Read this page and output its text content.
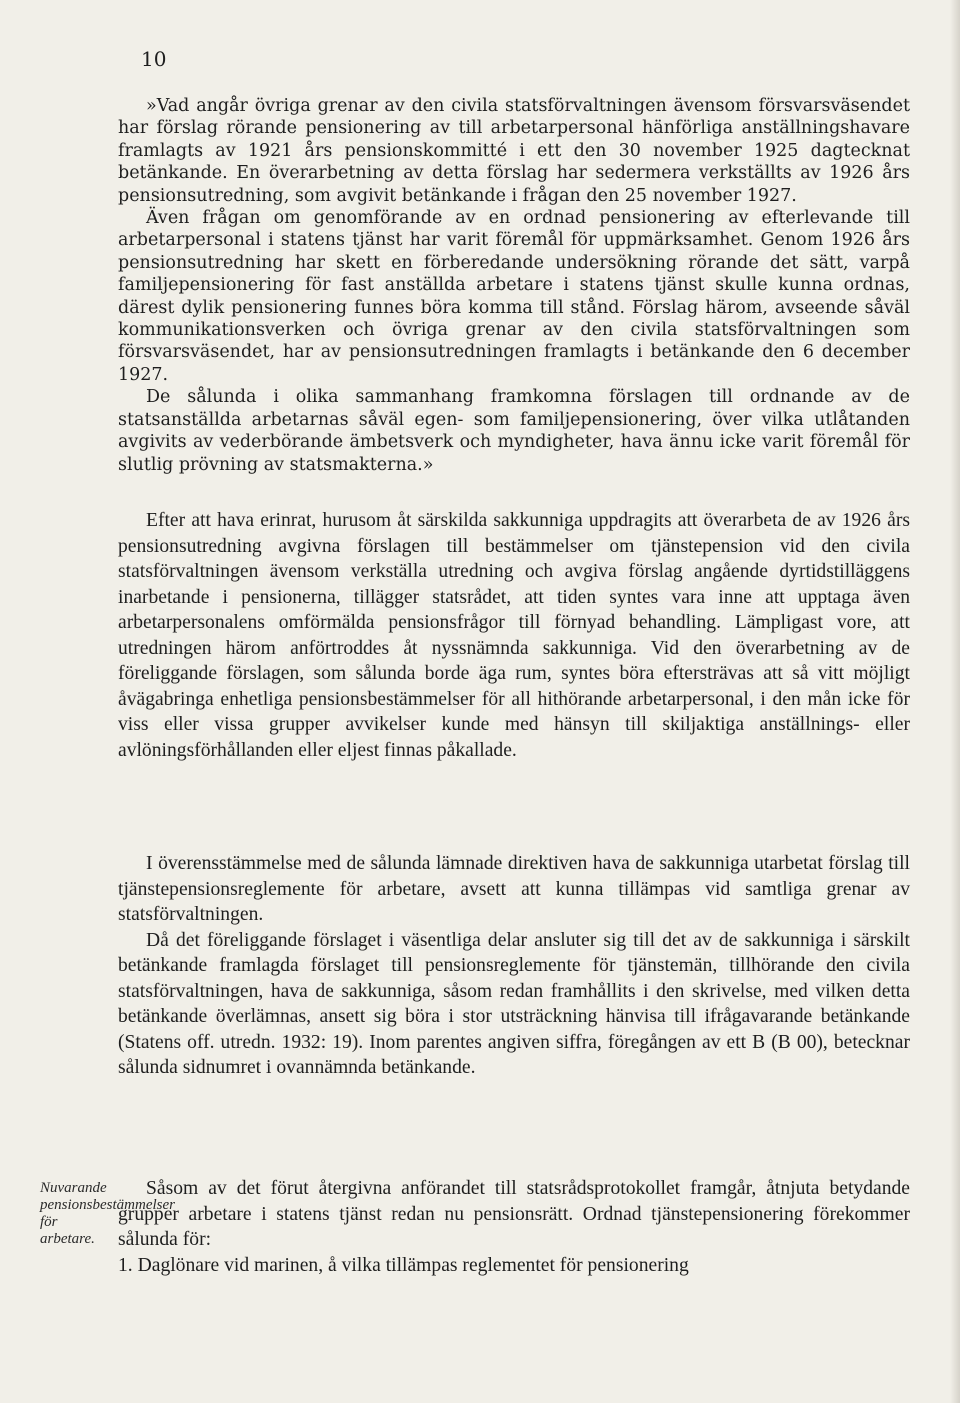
10

»Vad angår övriga grenar av den civila statsförvaltningen ävensom försvarsväsendet har förslag rörande pensionering av till arbetarpersonal hänförliga anställningshavare framlagts av 1921 års pensionskommitté i ett den 30 november 1925 dagtecknat betänkande. En överarbetning av detta förslag har sedermera verkställts av 1926 års pensionsutredning, som avgivit betänkande i frågan den 25 november 1927.

Även frågan om genomförande av en ordnad pensionering av efterlevande till arbetarpersonal i statens tjänst har varit föremål för uppmärksamhet. Genom 1926 års pensionsutredning har skett en förberedande undersökning rörande det sätt, varpå familjepensionering för fast anställda arbetare i statens tjänst skulle kunna ordnas, därest dylik pensionering funnes böra komma till stånd. Förslag härom, avseende såväl kommunikationsverken och övriga grenar av den civila statsförvaltningen som försvarsväsendet, har av pensionsutredningen framlagts i betänkande den 6 december 1927.

De sålunda i olika sammanhang framkomna förslagen till ordnande av de statsanställda arbetarnas såväl egen- som familjepensionering, över vilka utlåtanden avgivits av vederbörande ämbetsverk och myndigheter, hava ännu icke varit föremål för slutlig prövning av statsmakterna.»

Efter att hava erinrat, hurusom åt särskilda sakkunniga uppdragits att överarbeta de av 1926 års pensionsutredning avgivna förslagen till bestämmelser om tjänstepension vid den civila statsförvaltningen ävensom verkställa utredning och avgiva förslag angående dyrtidstilläggens inarbetande i pensionerna, tillägger statsrådet, att tiden syntes vara inne att upptaga även arbetarpersonalens omförmälda pensionsfrågor till förnyad behandling. Lämpligast vore, att utredningen härom anförtroddes åt nyssnämnda sakkunniga. Vid den överarbetning av de föreliggande förslagen, som sålunda borde äga rum, syntes böra eftersträvas att så vitt möjligt åvägabringa enhetliga pensionsbestämmelser för all hithörande arbetarpersonal, i den mån icke för viss eller vissa grupper avvikelser kunde med hänsyn till skiljaktiga anställnings- eller avlöningsförhållanden eller eljest finnas påkallade.

I överensstämmelse med de sålunda lämnade direktiven hava de sakkunniga utarbetat förslag till tjänstepensionsreglemente för arbetare, avsett att kunna tillämpas vid samtliga grenar av statsförvaltningen.

Då det föreliggande förslaget i väsentliga delar ansluter sig till det av de sakkunniga i särskilt betänkande framlagda förslaget till pensionsreglemente för tjänstemän, tillhörande den civila statsförvaltningen, hava de sakkunniga, såsom redan framhållits i den skrivelse, med vilken detta betänkande överlämnas, ansett sig böra i stor utsträckning hänvisa till ifrågavarande betänkande (Statens off. utredn. 1932: 19). Inom parentes angiven siffra, föregången av ett B (B 00), betecknar sålunda sidnumret i ovannämnda betänkande.

Såsom av det förut återgivna anförandet till statsrådsprotokollet framgår, åtnjuta betydande grupper arbetare i statens tjänst redan nu pensionsrätt. Ordnad tjänstepensionering förekommer sålunda för:

1. Daglönare vid marinen, å vilka tillämpas reglementet för pensionering

Nuvarande pensionsbestämmelser för arbetare.
